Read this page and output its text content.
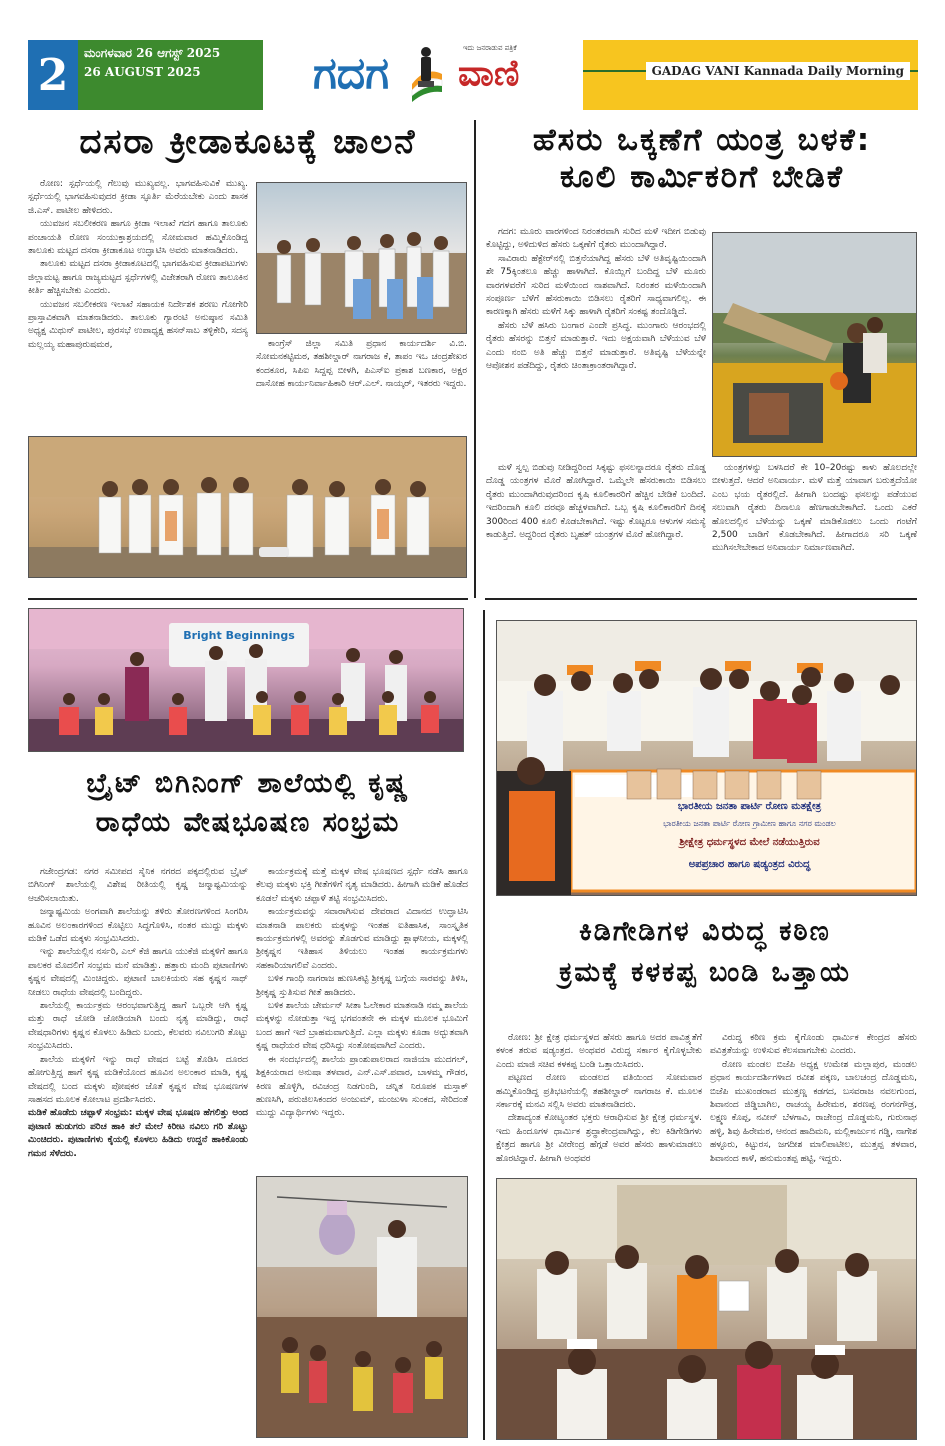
2	ಮಂಗಳವಾರ 26 ಆಗಸ್ಟ್ 2025
26 AUGUST 2025	ಗದಗ	ಇದು ಜನರಾಡುವ ಪತ್ರಿಕೆ
ವಾಣಿ	GADAG VANI Kannada Daily Morning
ದಸರಾ ಕ್ರೀಡಾಕೂಟಕ್ಕೆ ಚಾಲನೆ

ರೋಣ: ಸ್ಪರ್ಧೆಯಲ್ಲಿ ಗೆಲುವು ಮುಖ್ಯವಲ್ಲ. ಭಾಗವಹಿಸುವಿಕೆ ಮುಖ್ಯ. ಸ್ಪರ್ಧೆಯಲ್ಲಿ ಭಾಗವಹಿಸುವುದರ ಕ್ರೀಡಾ ಸ್ಫೂರ್ತಿ ಮೆರೆಯಬೇಕು ಎಂದು ಶಾಸಕ ಜಿ.ಎಸ್. ಪಾಟೀಲ ಹೇಳಿದರು.

ಯುವಜನ ಸಬಲೀಕರಣ ಹಾಗೂ ಕ್ರೀಡಾ ಇಲಾಖೆ ಗದಗ ಹಾಗೂ ತಾಲೂಕು ಪಂಚಾಯತಿ ರೋಣ ಸಂಯುಕ್ತಾಶ್ರಯದಲ್ಲಿ ಸೋಮವಾರ ಹಮ್ಮಿಕೊಂಡಿದ್ದ ತಾಲೂಕು ಮಟ್ಟದ ದಸರಾ ಕ್ರೀಡಾಕೂಟ ಉದ್ಘಾಟಿಸಿ ಅವರು ಮಾತನಾಡಿದರು.

ತಾಲೂಕು ಮಟ್ಟದ ದಸರಾ ಕ್ರೀಡಾಕೂಟದಲ್ಲಿ ಭಾಗವಹಿಸುವ ಕ್ರೀಡಾಪಟುಗಳು ಜಿಲ್ಲಾಮಟ್ಟ ಹಾಗೂ ರಾಜ್ಯಮಟ್ಟದ ಸ್ಪರ್ಧೆಗಳಲ್ಲಿ ವಿಜೇತರಾಗಿ ರೋಣ ತಾಲೂಕಿನ ಕೀರ್ತಿ ಹೆಚ್ಚಿಸಬೇಕು ಎಂದರು.

ಯುವಜನ ಸಬಲೀಕರಣ ಇಲಾಖೆ ಸಹಾಯಕ ನಿರ್ದೇಶಕ ಶರಣು ಗೋಗೇರಿ ಪ್ರಾಸ್ತಾವಿಕವಾಗಿ ಮಾತನಾಡಿದರು. ತಾಲೂಕು ಗ್ಯಾರಂಟಿ ಅನುಷ್ಠಾನ ಸಮಿತಿ ಅಧ್ಯಕ್ಷ ಮಿಥುನ್ ಪಾಟೀಲ, ಪುರಸಭೆ ಉಪಾಧ್ಯಕ್ಷ ಹಸನ್‌ಸಾಬ ತಳ್ಳಿಕೇರಿ, ಸದಸ್ಯ ಮಲ್ಲಯ್ಯ ಮಹಾಪುರುಷಮಠ,	ಕಾಂಗ್ರೆಸ್ ಜಿಲ್ಲಾ ಸಮಿತಿ ಪ್ರಧಾನ ಕಾರ್ಯದರ್ಶಿ ವಿ.ಬಿ. ಸೋಮನಕಟ್ಟಿಮಠ, ತಹಶೀಲ್ದಾರ್ ನಾಗರಾಜ ಕೆ, ತಾಪಂ ಇಒ ಚಂದ್ರಶೇಖರ ಕಂದಕೂರ, ಸಿಪಿಐ ಸಿದ್ದಪ್ಪ ಬೀಳಗಿ, ಪಿಎಸ್ಐ ಪ್ರಕಾಶ ಬಣಕಾರ, ಅಕ್ಷರ ದಾಸೋಹ ಕಾರ್ಯನಿರ್ವಾಹಿಕಾರಿ ಆರ್.ಎಲ್. ನಾಯ್ಕರ್, ಇತರರು ಇದ್ದರು.

ಹೆಸರು ಒಕ್ಕಣೆಗೆ ಯಂತ್ರ ಬಳಕೆ:
ಕೂಲಿ ಕಾರ್ಮಿಕರಿಗೆ ಬೇಡಿಕೆ

ಗದಗ: ಮೂರು ವಾರಗಳಿಂದ ನಿರಂತರವಾಗಿ ಸುರಿದ ಮಳೆ ಇದೀಗ ಬಿಡುವು ಕೊಟ್ಟಿದ್ದು, ಅಳಿದುಳಿದ ಹೆಸರು ಒಕ್ಕಣೆಗೆ ರೈತರು ಮುಂದಾಗಿದ್ದಾರೆ.

ಸಾವಿರಾರು ಹೆಕ್ಟೇರ್‌ನಲ್ಲಿ ಬಿತ್ತನೆಯಾಗಿದ್ದ ಹೆಸರು ಬೆಳೆ ಅತಿವೃಷ್ಟಿಯಿಂದಾಗಿ ಶೇ 75ಕ್ಕಿಂತಲೂ ಹೆಚ್ಚು ಹಾಳಾಗಿದೆ. ಕೊಯ್ಲಿಗೆ ಬಂದಿದ್ದ ಬೆಳೆ ಮೂರು ವಾರಗಳವರೆಗೆ ಸುರಿದ ಮಳೆಯಿಂದ ನಾಶವಾಗಿದೆ. ನಿರಂತರ ಮಳೆಯಿಂದಾಗಿ ಸಂಪೂರ್ಣ ಬೆಳೆಗೆ ಹೆಸರುಕಾಯಿ ಬಿಡಿಸಲು ರೈತರಿಗೆ ಸಾಧ್ಯವಾಗಲಿಲ್ಲ. ಈ ಕಾರಣಕ್ಕಾಗಿ ಹೆಸರು ಮಳೆಗೆ ಸಿಕ್ಕು ಹಾಳಾಗಿ ರೈತರಿಗೆ ಸಂಕಷ್ಟ ತಂದೊಡ್ಡಿದೆ.

ಹೆಸರು ಬೆಳೆ ಹಸಿರು ಬಂಗಾರ ಎಂದೇ ಪ್ರಸಿದ್ಧ. ಮುಂಗಾರು ಆರಂಭದಲ್ಲಿ ರೈತರು ಹೆಸರನ್ನು ಬಿತ್ತನೆ ಮಾಡುತ್ತಾರೆ. ಇದು ಅಕ್ಷಯವಾಗಿ ಬೆಳೆಯುವ ಬೆಳೆ ಎಂದು ನಂಬಿ ಅತಿ ಹೆಚ್ಚು ಬಿತ್ತನೆ ಮಾಡುತ್ತಾರೆ. ಅತಿವೃಷ್ಟಿ ಬೆಳೆಯನ್ನೇ ಆಪೋಶನ ಪಡೆದಿದ್ದು, ರೈತರು ಚಿಂತಾಕ್ರಾಂತರಾಗಿದ್ದಾರೆ.

ಮಳೆ ಸ್ವಲ್ಪ ಬಿಡುವು ನೀಡಿದ್ದರಿಂದ ಸಿಕ್ಕಷ್ಟು ಫಸಲನ್ನಾದರೂ ರೈತರು ದೊಡ್ಡ ದೊಡ್ಡ ಯಂತ್ರಗಳ ಮೊರೆ ಹೋಗಿದ್ದಾರೆ. ಒಮ್ಮೆಲೇ ಹೆಸರುಕಾಯಿ ಬಿಡಿಸಲು ರೈತರು ಮುಂದಾಗಿರುವುದರಿಂದ ಕೃಷಿ ಕೂಲಿಕಾರರಿಗೆ ಹೆಚ್ಚಿನ ಬೇಡಿಕೆ ಬಂದಿದೆ. ಇದರಿಂದಾಗಿ ಕೂಲಿ ದರವೂ ಹೆಚ್ಚಳವಾಗಿದೆ. ಒಬ್ಬ ಕೃಷಿ ಕೂಲಿಕಾರರಿಗೆ ದಿನಕ್ಕೆ 300ರಿಂದ 400 ಕೂಲಿ ಕೊಡಬೇಕಾಗಿದೆ. ಇಷ್ಟು ಕೊಟ್ಟರೂ ಆಳುಗಳ ಸಮಸ್ಯೆ ಕಾಡುತ್ತಿದೆ. ಅದ್ದರಿಂದ ರೈತರು ಬೃಹತ್ ಯಂತ್ರಗಳ ಮೊರೆ ಹೋಗಿದ್ದಾರೆ.

ಯಂತ್ರಗಳನ್ನು ಬಳಸಿದರೆ ಕೇ 10–20ರಷ್ಟು ಕಾಳು ಹೊಲದಲ್ಲೇ ಬೀಳುತ್ತದೆ. ಆದರೆ ಅನಿವಾರ್ಯ. ಮಳೆ ಮತ್ತೆ ಯಾವಾಗ ಬರುತ್ತದೆಯೋ ಎಂಬ ಭಯ ರೈತರಲ್ಲಿದೆ. ಹೀಗಾಗಿ ಬಂದಷ್ಟು ಫಸಲನ್ನು ಪಡೆಯುವ ಸಲುವಾಗಿ ರೈತರು ದಿನಾಲೂ ಹೆಣಗಾಡಬೇಕಾಗಿದೆ. ಒಂದು ಎಕರೆ ಹೊಲದಲ್ಲಿನ ಬೆಳೆಯನ್ನು ಒಕ್ಕಣೆ ಮಾಡಿಕೊಡಲು ಒಂದು ಗಂಟೆಗೆ 2,500 ಬಾಡಿಗೆ ಕೊಡಬೇಕಾಗಿದೆ. ಹೀಗಾದರೂ ಸರಿ ಒಕ್ಕಣೆ ಮುಗಿಸಲೇಬೇಕಾದ ಅನಿವಾರ್ಯ ನಿರ್ಮಾಣವಾಗಿದೆ.

Bright Beginnings
ಬ್ರೈಟ್ ಬಿಗಿನಿಂಗ್ ಶಾಲೆಯಲ್ಲಿ ಕೃಷ್ಣ
ರಾಧೆಯ ವೇಷಭೂಷಣ ಸಂಭ್ರಮ

ಗಜೇಂದ್ರಗಡ: ನಗರ ಸಮೀಪದ ಸೈನಿಕ ನಗರದ ಪಕ್ಕದಲ್ಲಿರುವ ಬ್ರೈಟ್ ಬಿಗಿನಿಂಗ್ ಶಾಲೆಯಲ್ಲಿ ವಿಶೇಷ ರೀತಿಯಲ್ಲಿ ಕೃಷ್ಣ ಜನ್ಮಾಷ್ಟಮಿಯನ್ನು ಆಚರಿಸಲಾಯಿತು.

ಜನ್ಮಾಷ್ಟಮಿಯ ಅಂಗವಾಗಿ ಶಾಲೆಯನ್ನು ತಳಿರು ತೋರಣಗಳಿಂದ ಸಿಂಗರಿಸಿ ಹೂವಿನ ಅಲಂಕಾರಗಳಿಂದ ಕೊಟ್ಟಿಲು ಸಿದ್ಧಗೊಳಿಸಿ, ನಂತರ ಮುದ್ದು ಮಕ್ಕಳು ಮಡಿಕೆ ಒಡೆದ ಮಕ್ಕಳು ಸಂಭ್ರಮಿಸಿದರು.

ಇನ್ನು ಶಾಲೆಯಲ್ಲಿನ ನರ್ಸರಿ, ಎಲ್ ಕೆಜಿ ಹಾಗೂ ಯುಕೆಜಿ ಮಕ್ಕಳಿಗೆ ಹಾಗೂ ಪಾಲಕರ ಮೊದಲಿಗೆ ಸಂಭ್ರಮ ಮನೆ ಮಾಡಿತ್ತು. ಹತ್ತಾರು ಮಂದಿ ಪುಟಾಣಿಗಳು ಕೃಷ್ಣನ ವೇಷದಲ್ಲಿ ಮಿಂಚಿದ್ದರು. ಪುಟಾಣಿ ಬಾಲಕಿಯರು ಸಹ ಕೃಷ್ಣನ ಸಾಥ್ ನೀಡಲು ರಾಧೆಯ ವೇಷದಲ್ಲಿ ಬಂದಿದ್ದರು.

ಶಾಲೆಯಲ್ಲಿ ಕಾರ್ಯಕ್ರಮ ಆರಂಭವಾಗುತ್ತಿದ್ದ ಹಾಗೆ ಒಬ್ಬರೇ ಆಗಿ ಕೃಷ್ಣ ಮತ್ತು ರಾಧೆ ಜೋಡಿ ಜೋಡಿಯಾಗಿ ಬಂದು ನೃತ್ಯ ಮಾಡಿದ್ದು, ರಾಧೆ ವೇಷಧಾರಿಗಳು ಕೃಷ್ಣನ ಕೊಳಲು ಹಿಡಿದು ಬಂದು, ಕೆಲವರು ನವಿಲುಗರಿ ತೊಟ್ಟು ಸಂಭ್ರಮಿಸಿದರು.

ಶಾಲೆಯ ಮಕ್ಕಳಿಗೆ ಇನ್ನು ರಾಧೆ ವೇಷದ ಬಟ್ಟೆ ತೊಡಿಸಿ ದೂರದ ಹೋಗುತ್ತಿದ್ದ ಹಾಗೆ ಕೃಷ್ಣ ಮಡಿಕೆಯೊಂದ ಹೂವಿನ ಅಲಂಕಾರ ಮಾಡಿ, ಕೃಷ್ಣ ವೇಷದಲ್ಲಿ ಬಂದ ಮಕ್ಕಳು ಪೋಷಕರ ಜೊತೆ ಕೃಷ್ಣನ ವೇಷ ಭೂಷಣಗಳ ಸಾಹಸದ ಮೂಲಕ ಕೋಲಾಟ ಪ್ರದರ್ಶಿಸಿದರು.

ಮಡಿಕೆ ಹೊಡೆದು ಚಪ್ಪಾಳೆ ಸಂಭ್ರಮ: ಮಕ್ಕಳ ವೇಷ ಭೂಷಣ ಹೆಗಲಿತ್ತು ಅಂದ ಪುಟಾಣಿ ಹುಡುಗರು ಪರಿಚ ಹಾಕಿ ತಲೆ ಮೇಲೆ ಕಿರೀಟ ನವಿಲು ಗರಿ ತೊಟ್ಟು ಮಿಂಚಿದರು. ಪುಟಾಣಿಗಳು ಕೈಯಲ್ಲಿ ಕೊಳಲು ಹಿಡಿದು ಉದ್ದನೆ ಹಾಕಿಕೊಂಡು ಗಮನ ಸೆಳೆದರು.

ಕಾರ್ಯಕ್ರಮಕ್ಕೆ ಮತ್ತೆ ಮಕ್ಕಳ ವೇಷ ಭೂಷಣದ ಸ್ಪರ್ಧೆ ನಡೆಸಿ ಹಾಗೂ ಕೆಲವು ಮಕ್ಕಳು ಭಕ್ತಿ ಗೀತೆಗಳಿಗೆ ನೃತ್ಯ ಮಾಡಿದರು. ಹೀಗಾಗಿ ಮಡಿಕೆ ಹೊಡೆದ ಕೂಡಲೆ ಮಕ್ಕಳು ಚಪ್ಪಾಳೆ ತಟ್ಟಿ ಸಂಭ್ರಮಿಸಿದರು.

ಕಾರ್ಯಕ್ರಮವನ್ನು ಸವಾರಾಗಿಸುವ ದೇವರಾದ ವಿದಾನದ ಉದ್ಘಾಟಿಸಿ ಮಾತನಾಡಿ ಪಾಲಕರು ಮಕ್ಕಳನ್ನು ಇಂತಹ ಐತಿಹಾಸಿಕ, ಸಾಂಸ್ಕೃತಿಕ ಕಾರ್ಯಕ್ರಮಗಳಲ್ಲಿ ಅವರನ್ನು ತೊಡಗುವ ಮಾಡಿದ್ದು ಶ್ಲಾಘನೀಯ, ಮಕ್ಕಳಲ್ಲಿ ಶ್ರೀಕೃಷ್ಣನ ಇತಿಹಾಸ ತಿಳಿಯಲು ಇಂತಹ ಕಾರ್ಯಕ್ರಮಗಳು ಸಹಕಾರಿಯಾಗಲಿವೆ ಎಂದರು.

ಬಳಿಕ ಗಾಂಧಿ ನಾಗರಾಜ ಹುಣಸಿಕಟ್ಟಿ ಶ್ರೀಕೃಷ್ಣ ಬಗ್ಗೆಯ ಸಾರವನ್ನು ತಿಳಿಸಿ, ಶ್ರೀಕೃಷ್ಣ ಸ್ತುತಿಸುವ ಗೀತೆ ಹಾಡಿದರು.

ಬಳಿಕ ಶಾಲೆಯ ಚೇರ್ಮನ್ ಸೀತಾ ಓಲೇಕಾರ ಮಾತನಾಡಿ ನಮ್ಮ ಶಾಲೆಯ ಮಕ್ಕಳನ್ನು ನೋಡುತ್ತಾ ಇದ್ದ ಭಗವಂತನೇ ಈ ಮಕ್ಕಳ ಮೂಲಕ ಭೂಮಿಗೆ ಬಂದ ಹಾಗೆ ಇದೆ ಬ್ರಾಹಮವಾಗುತ್ತಿದೆ. ಎಲ್ಲಾ ಮಕ್ಕಳು ಕೂಡಾ ಅದ್ಭುತವಾಗಿ ಕೃಷ್ಣ ರಾಧೆಯರ ವೇಷ ಧರಿಸಿದ್ದು ಸಂತೋಷವಾಗಿದೆ ಎಂದರು.

ಈ ಸಂದರ್ಭದಲ್ಲಿ ಶಾಲೆಯ ಪ್ರಾಂಶುಪಾಲರಾದ ನಾಜಿಯಾ ಮುದಗಲ್, ಶಿಕ್ಷಕಿಯರಾದ ಅನುಷಾ ತಳವಾರ, ಎನ್.ಎಸ್.ಪವಾರ, ಬಾಳಮ್ಮ ಗೌಡರ, ಕಿರಣ ಹೊಳ್ಳಿಗಿ, ರವಿಚಂದ್ರ ನಿಡಗುಂದಿ, ಚನ್ನಿತ ನಿರೂಪಕ ಮಸ್ತಾಕ್ ಹುಣಸಿಗಿ, ಪರುಜಿಲಸಿಕಂದರ ಅಂಜುಮ್, ಮಂಜುಳಾ ಸುಂಕದ, ಸೇರಿದಂತೆ ಮುದ್ದು ವಿದ್ಯಾರ್ಥಿಗಳು ಇದ್ದರು.

ಭಾರತೀಯ ಜನತಾ ಪಾರ್ಟಿ ರೋಣ ಮತಕ್ಷೇತ್ರ
ಭಾರತೀಯ ಜನತಾ ಪಾರ್ಟಿ ರೋಣ ಗ್ರಾಮೀಣ ಹಾಗೂ ನಗರ ಮಂಡಲ
ಶ್ರೀಕ್ಷೇತ್ರ ಧರ್ಮಸ್ಥಳದ ಮೇಲೆ ನಡೆಯುತ್ತಿರುವ
ಅಪಪ್ರಚಾರ ಹಾಗೂ ಷಡ್ಯಂತ್ರದ ವಿರುದ್ಧ
ಕಿಡಿಗೇಡಿಗಳ ವಿರುದ್ಧ ಕಠಿಣ
ಕ್ರಮಕ್ಕೆ ಕಳಕಪ್ಪ ಬಂಡಿ ಒತ್ತಾಯ

ರೋಣ: ಶ್ರೀ ಕ್ಷೇತ್ರ ಧರ್ಮಸ್ಥಳದ ಹೆಸರು ಹಾಗೂ ಅದರ ಪಾವಿತ್ರ್ಯತೆಗೆ ಕಳಂಕ ತರುವ ಷಡ್ಯಂತ್ರದ. ಅಂಥವರ ವಿರುದ್ಧ ಸರ್ಕಾರ ಕೈಗೊಳ್ಳಬೇಕು ಎಂದು ಮಾಜಿ ಸಚಿವ ಕಳಕಪ್ಪ ಬಂಡಿ ಒತ್ತಾಯಿಸಿದರು.

ಪಟ್ಟಣದ ರೋಣ ಮಂಡಲದ ವತಿಯಿಂದ ಸೋಮವಾರ ಹಮ್ಮಿಕೊಂಡಿದ್ದ ಪ್ರತಿಭಟನೆಯಲ್ಲಿ ತಹಶೀಲ್ದಾರ್ ನಾಗರಾಜ ಕೆ. ಮೂಲಕ ಸರ್ಕಾರಕ್ಕೆ ಮನವಿ ಸಲ್ಲಿಸಿ ಅವರು ಮಾತನಾಡಿದರು.

ದೇಶಾದ್ಯಂತ ಕೋಟ್ಯಂತರ ಭಕ್ತರು ಆರಾಧಿಸುವ ಶ್ರೀ ಕ್ಷೇತ್ರ ಧರ್ಮಸ್ಥಳ. ಇದು ಹಿಂದೂಗಳ ಧಾರ್ಮಿಕ ಶ್ರದ್ಧಾಕೇಂದ್ರವಾಗಿದ್ದು, ಕೆಲ ಕಿಡಿಗೇಡಿಗಳು ಕ್ಷೇತ್ರದ ಹಾಗೂ ಶ್ರೀ ವೀರೇಂದ್ರ ಹೆಗ್ಗಡೆ ಅವರ ಹೆಸರು ಹಾಳುಮಾಡಲು ಹೊರಟಿದ್ದಾರೆ. ಹೀಗಾಗಿ ಅಂಥವರ

ವಿರುದ್ಧ ಕಠಿಣ ಕ್ರಮ ಕೈಗೊಂಡು ಧಾರ್ಮಿಕ ಕೇಂದ್ರದ ಹೆಸರು ಪವಿತ್ರತೆಯನ್ನು ಉಳಿಸುವ ಕೆಲಸವಾಗಬೇಕು ಎಂದರು.

ರೋಣ ಮಂಡಲ ಬಿಜೆಪಿ ಅಧ್ಯಕ್ಷ ಉಮೇಶ ಮಲ್ಲಾಪುರ, ಮಂಡಲ ಪ್ರಧಾನ ಕಾರ್ಯದರ್ಶಿಗಳಾದ ರವೀಶ ಪಕ್ಕಣ, ಬಾಲಚಂದ್ರ ದೊಡ್ಡಮನಿ, ಬಿಜೆಪಿ ಮುಖಂಡರಾದ ಮುತ್ತಣ್ಣ ಕಡಗದ, ಬಸವರಾಜ ನವಲಗುಂದ, ಶಿವಾನಂದ ಜಿಡ್ಡಿಬಾಗಿಲ, ರಾಚಯ್ಯ ಹಿರೇಮಠ, ಶರಣಪ್ಪ ರಂಗನಗೌಡ್ರ, ಲಕ್ಷ್ಮಣ ಕೊಪ್ಪ, ನವೀನ್ ಬೆಳಗಾವಿ, ರಾಜೇಂದ್ರ ದೊಡ್ಡಮನಿ, ಗುರುನಾಥ ಹಳ್ಳಿ, ಶಿವು ಹಿರೇಮಠ, ಆನಂದ ಹಾದಿಮನಿ, ಮಲ್ಲಿಕಾರ್ಜುನ ಗಡ್ಡಿ, ನಾಗೇಶ ಹಳ್ಳೂರು, ಕಿಟ್ಟುರಸ, ಜಗದೀಶ ಮಾಲಿಪಾಟೀಲ, ಮುತ್ತಪ್ಪ ತಳವಾರ, ಶಿವಾನಂದ ಕಾಳೆ, ಹನುಮಂತಪ್ಪ ಹಟ್ಟಿ, ಇದ್ದರು.
